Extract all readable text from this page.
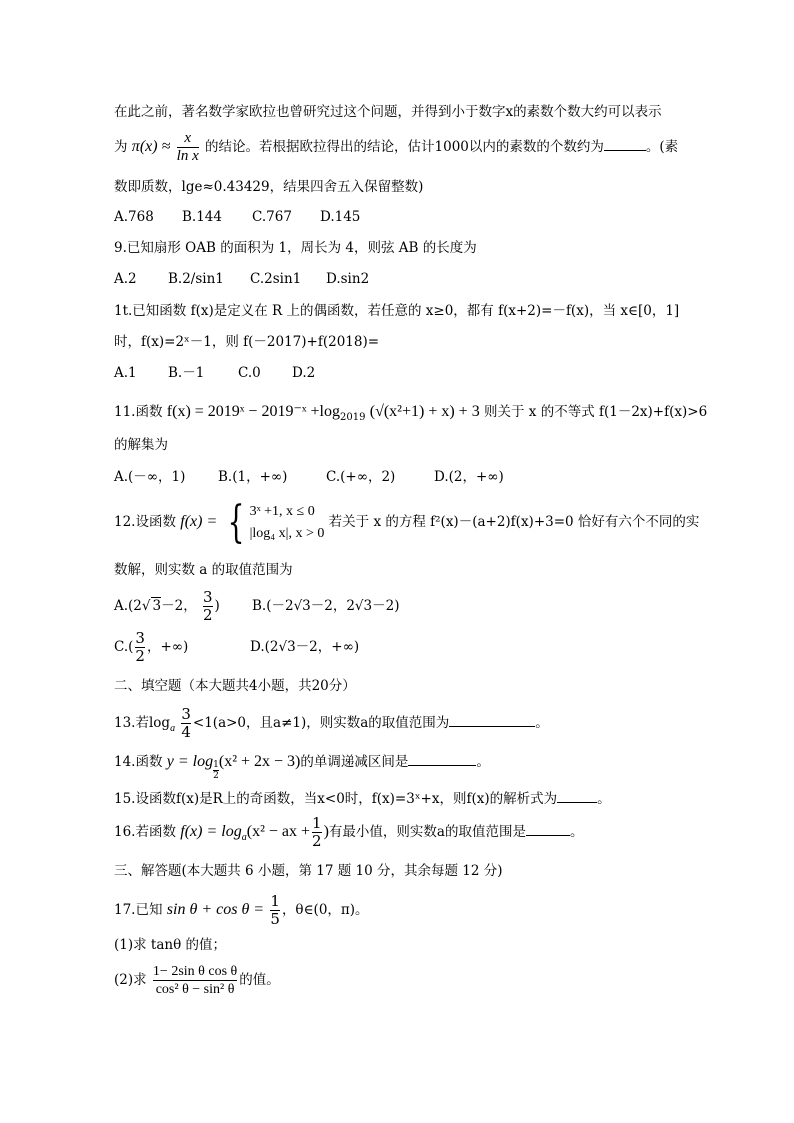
在此之前，著名数学家欧拉也曾研究过这个问题，并得到小于数字x的素数个数大约可以表示
为 $\pi(x) \approx \frac{x}{\text{ln x}}$ 的结论。若根据欧拉得出的结论，估计1000以内的素数的个数约为	。(素
数即质数，lge≈0.43429，结果四舍五入保留整数)
A.768 B.144 C.767 D.145
9.已知扇形 OAB 的面积为 1，周长为 4，则弦 AB 的长度为
A.2 B.2/sin1 C.2sin1 D.sin2
1t.已知函数 f(x)是定义在 R 上的偶函数，若任意的 x≥0，都有 f(x+2)=－f(x)，当 x∈[0，1]
时，f(x)=2ˣ－1，则 f(－2017)+f(2018)=
A.1 B.－1 C.0 D.2
11.函数 f(x) = 2019ˣ − 2019⁻ˣ $+\log_{2019}$ (√(x²+1) + x) + 3 则关于 x 的不等式 f(1－2x)+f(x)>6
的解集为
A.(－∞，1) B.(1，+∞)	C.(+∞，2)	D.(2，+∞)
12.设函数 f(x) = { 3ˣ +1, x ≤ 0
|log₄ x|, x > 0
若关于 x 的方程 f²(x)－(a+2)f(x)+3=0 恰好有六个不同的实
数解，则实数 a 的取值范围为
A.(2√ 3－2， $\frac{3}{2}$ ) B.(－2√3－2，2√3－2)
$C.( \frac{3}{2}$ ，+∞)	D.(2√3－2，+∞)
二、填空题（本大题共4小题，共20分）
13.若$\log_a \frac{3}{4} <1(a>0$，且a≠1)，则实数a的取值范围为	。
14.函数 $y = \log \frac{1}{2} (x^2 + 2x - 3)$的单调递减区间是	。
15.设函数f(x)是R上的奇函数，当x<0时，f(x)=3ˣ+x，则f(x)的解析式为	。
16.若函数 $f(x) = \log_a(x^2$ − ax + $\frac{1}{2}$ )有最小值，则实数a的取值范围是	。
三、解答题(本大题共 6 小题，第 17 题 10 分，其余每题 12 分)
17.已知 $\sin \theta + \cos \theta = \frac{1}{5}$ ，θ∈(0，π)。
(1)求 tanθ 的值；
(2)求 $\frac{\text{1− 2sin θ cos θ}}{\text{cos² θ − sin² θ}}$ 的值。
